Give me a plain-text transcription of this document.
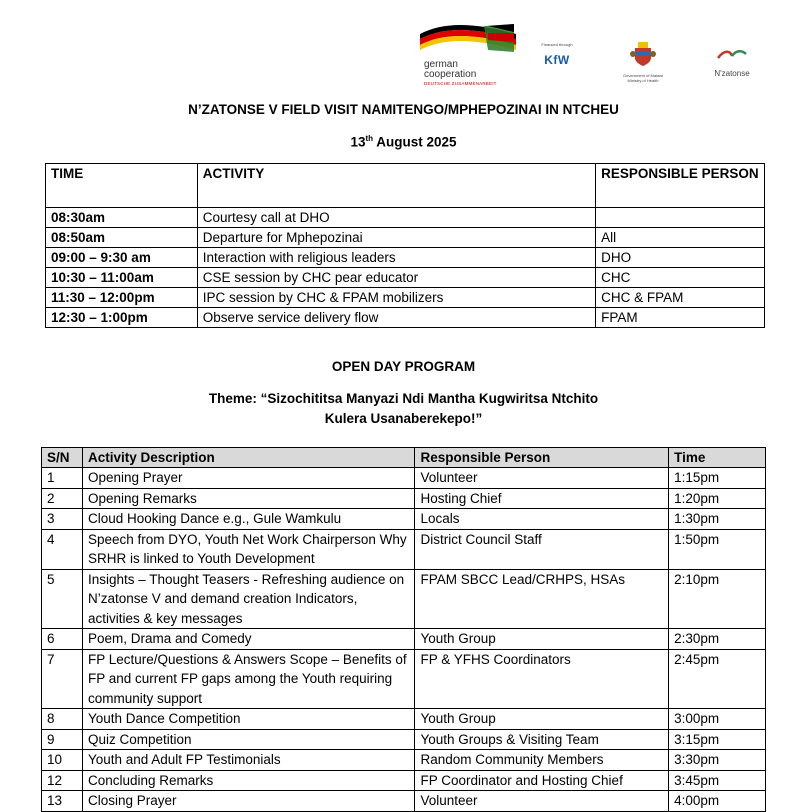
german
cooperation
DEUTSCHE ZUSAMMENARBEIT
Financed through
KfW
Government of Malawi
Ministry of Health
N'zatonse
N’ZATONSE V FIELD VISIT NAMITENGO/MPHEPOZINAI IN NTCHEU
13th August 2025
TIME	ACTIVITY	RESPONSIBLE PERSON
08:30am	Courtesy call at DHO	
08:50am	Departure for Mphepozinai	All
09:00 – 9:30 am	Interaction with religious leaders	DHO
10:30 – 11:00am	CSE session by CHC pear educator	CHC
11:30 – 12:00pm	IPC session by CHC & FPAM mobilizers	CHC & FPAM
12:30 – 1:00pm	Observe service delivery flow	FPAM
OPEN DAY PROGRAM
Theme: “Sizochititsa Manyazi Ndi Mantha Kugwiritsa Ntchito
Kulera Usanaberekepo!”
S/N	Activity Description	Responsible Person	Time
1	Opening Prayer	Volunteer	1:15pm
2	Opening Remarks	Hosting Chief	1:20pm
3	Cloud Hooking Dance e.g., Gule Wamkulu	Locals	1:30pm
4	Speech from DYO, Youth Net Work Chairperson Why SRHR is linked to Youth Development	District Council Staff	1:50pm
5	Insights – Thought Teasers - Refreshing audience on N’zatonse V and demand creation Indicators, activities & key messages	FPAM SBCC Lead/CRHPS, HSAs	2:10pm
6	Poem, Drama and Comedy	Youth Group	2:30pm
7	FP Lecture/Questions & Answers Scope – Benefits of FP and current FP gaps among the Youth requiring community support	FP & YFHS Coordinators	2:45pm
8	Youth Dance Competition	Youth Group	3:00pm
9	Quiz Competition	Youth Groups & Visiting Team	3:15pm
10	Youth and Adult FP Testimonials	Random Community Members	3:30pm
12	Concluding Remarks	FP Coordinator and Hosting Chief	3:45pm
13	Closing Prayer	Volunteer	4:00pm
